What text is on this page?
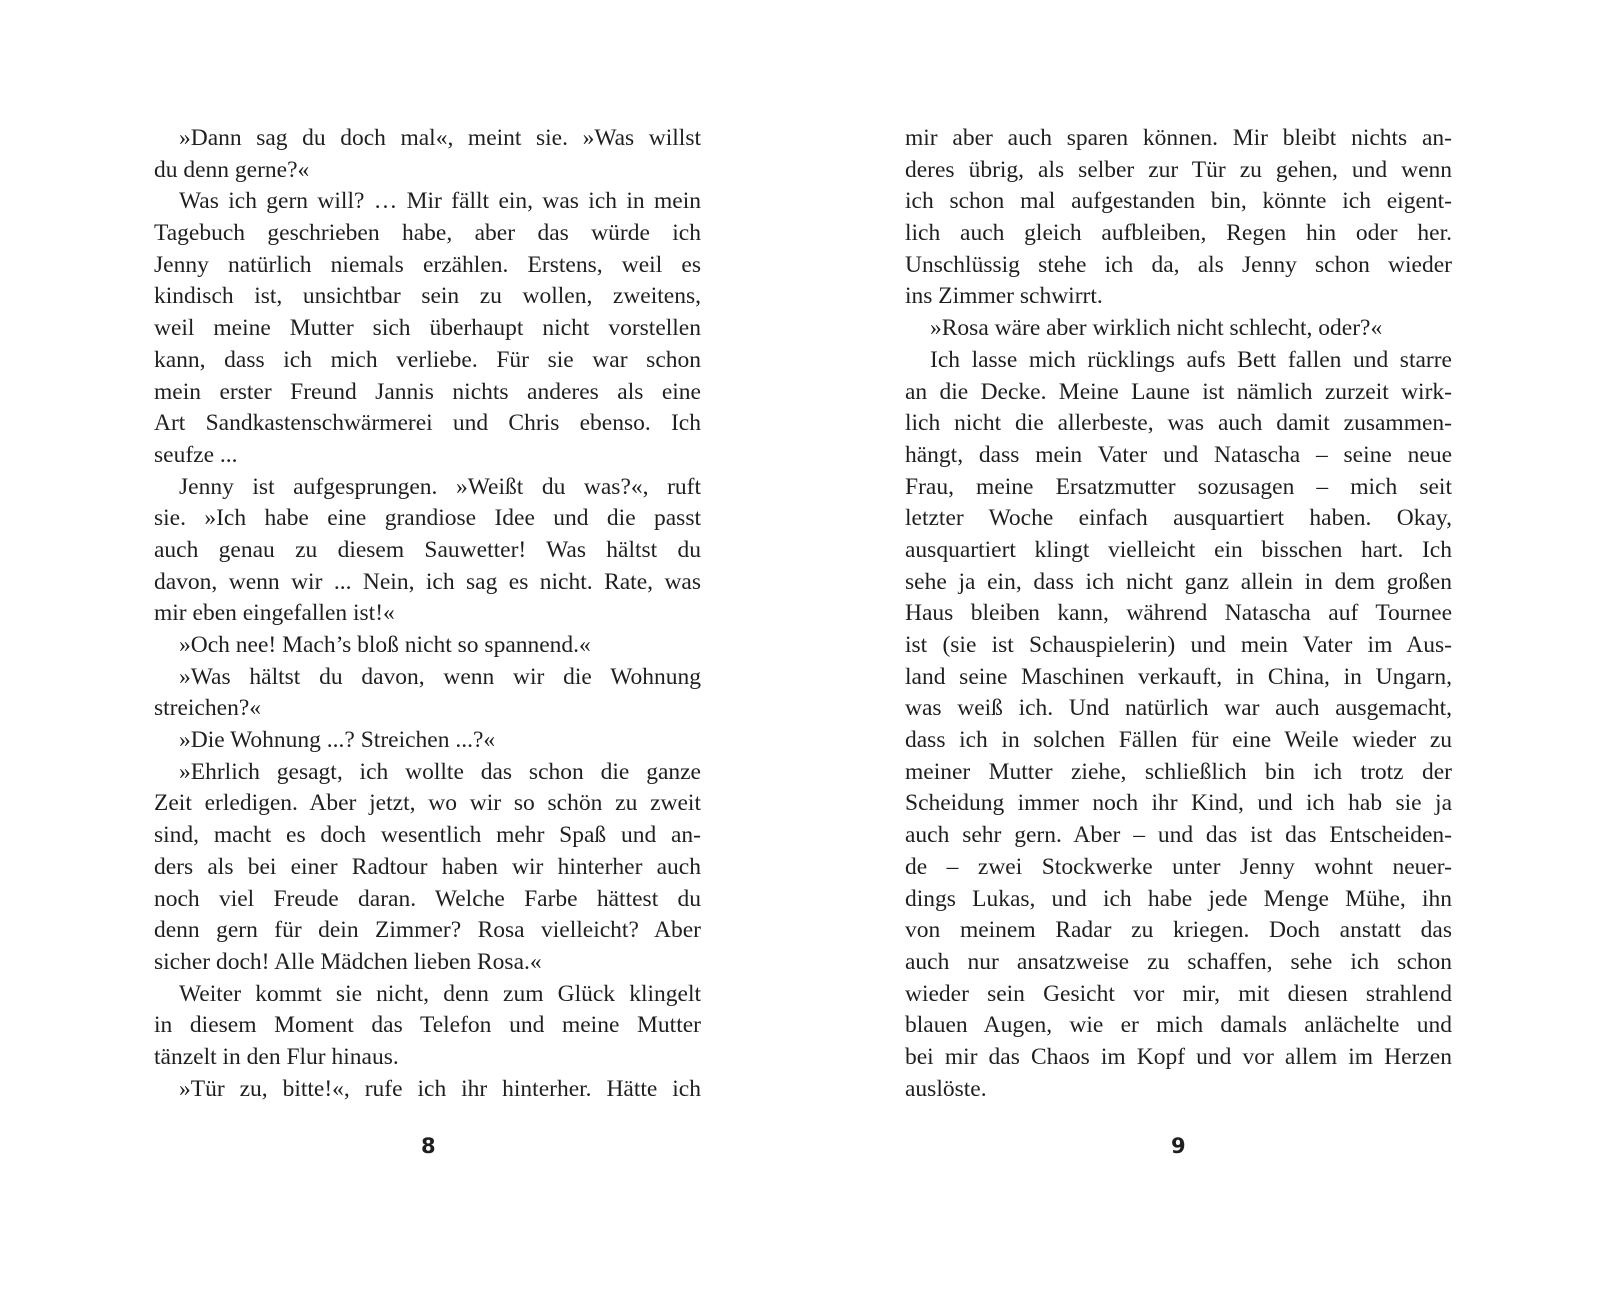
»Dann sag du doch mal«, meint sie. »Was willst
du denn gerne?«
Was ich gern will? … Mir fällt ein, was ich in mein
Tagebuch geschrieben habe, aber das würde ich
Jenny natürlich niemals erzählen. Erstens, weil es
kindisch ist, unsichtbar sein zu wollen, zweitens,
weil meine Mutter sich überhaupt nicht vorstellen
kann, dass ich mich verliebe. Für sie war schon
mein erster Freund Jannis nichts anderes als eine
Art Sandkastenschwärmerei und Chris ebenso. Ich
seufze ...
Jenny ist aufgesprungen. »Weißt du was?«, ruft
sie. »Ich habe eine grandiose Idee und die passt
auch genau zu diesem Sauwetter! Was hältst du
davon, wenn wir ... Nein, ich sag es nicht. Rate, was
mir eben eingefallen ist!«
»Och nee! Mach’s bloß nicht so spannend.«
»Was hältst du davon, wenn wir die Wohnung
streichen?«
»Die Wohnung ...? Streichen ...?«
»Ehrlich gesagt, ich wollte das schon die ganze
Zeit erledigen. Aber jetzt, wo wir so schön zu zweit
sind, macht es doch wesentlich mehr Spaß und an-
ders als bei einer Radtour haben wir hinterher auch
noch viel Freude daran. Welche Farbe hättest du
denn gern für dein Zimmer? Rosa vielleicht? Aber
sicher doch! Alle Mädchen lieben Rosa.«
Weiter kommt sie nicht, denn zum Glück klingelt
in diesem Moment das Telefon und meine Mutter
tänzelt in den Flur hinaus.
»Tür zu, bitte!«, rufe ich ihr hinterher. Hätte ich
8
mir aber auch sparen können. Mir bleibt nichts an-
deres übrig, als selber zur Tür zu gehen, und wenn
ich schon mal aufgestanden bin, könnte ich eigent-
lich auch gleich aufbleiben, Regen hin oder her.
Unschlüssig stehe ich da, als Jenny schon wieder
ins Zimmer schwirrt.
»Rosa wäre aber wirklich nicht schlecht, oder?«
Ich lasse mich rücklings aufs Bett fallen und starre
an die Decke. Meine Laune ist nämlich zurzeit wirk-
lich nicht die allerbeste, was auch damit zusammen-
hängt, dass mein Vater und Natascha – seine neue
Frau, meine Ersatzmutter sozusagen – mich seit
letzter Woche einfach ausquartiert haben. Okay,
ausquartiert klingt vielleicht ein bisschen hart. Ich
sehe ja ein, dass ich nicht ganz allein in dem großen
Haus bleiben kann, während Natascha auf Tournee
ist (sie ist Schauspielerin) und mein Vater im Aus-
land seine Maschinen verkauft, in China, in Ungarn,
was weiß ich. Und natürlich war auch ausgemacht,
dass ich in solchen Fällen für eine Weile wieder zu
meiner Mutter ziehe, schließlich bin ich trotz der
Scheidung immer noch ihr Kind, und ich hab sie ja
auch sehr gern. Aber – und das ist das Entscheiden-
de – zwei Stockwerke unter Jenny wohnt neuer-
dings Lukas, und ich habe jede Menge Mühe, ihn
von meinem Radar zu kriegen. Doch anstatt das
auch nur ansatzweise zu schaffen, sehe ich schon
wieder sein Gesicht vor mir, mit diesen strahlend
blauen Augen, wie er mich damals anlächelte und
bei mir das Chaos im Kopf und vor allem im Herzen
auslöste.
9
